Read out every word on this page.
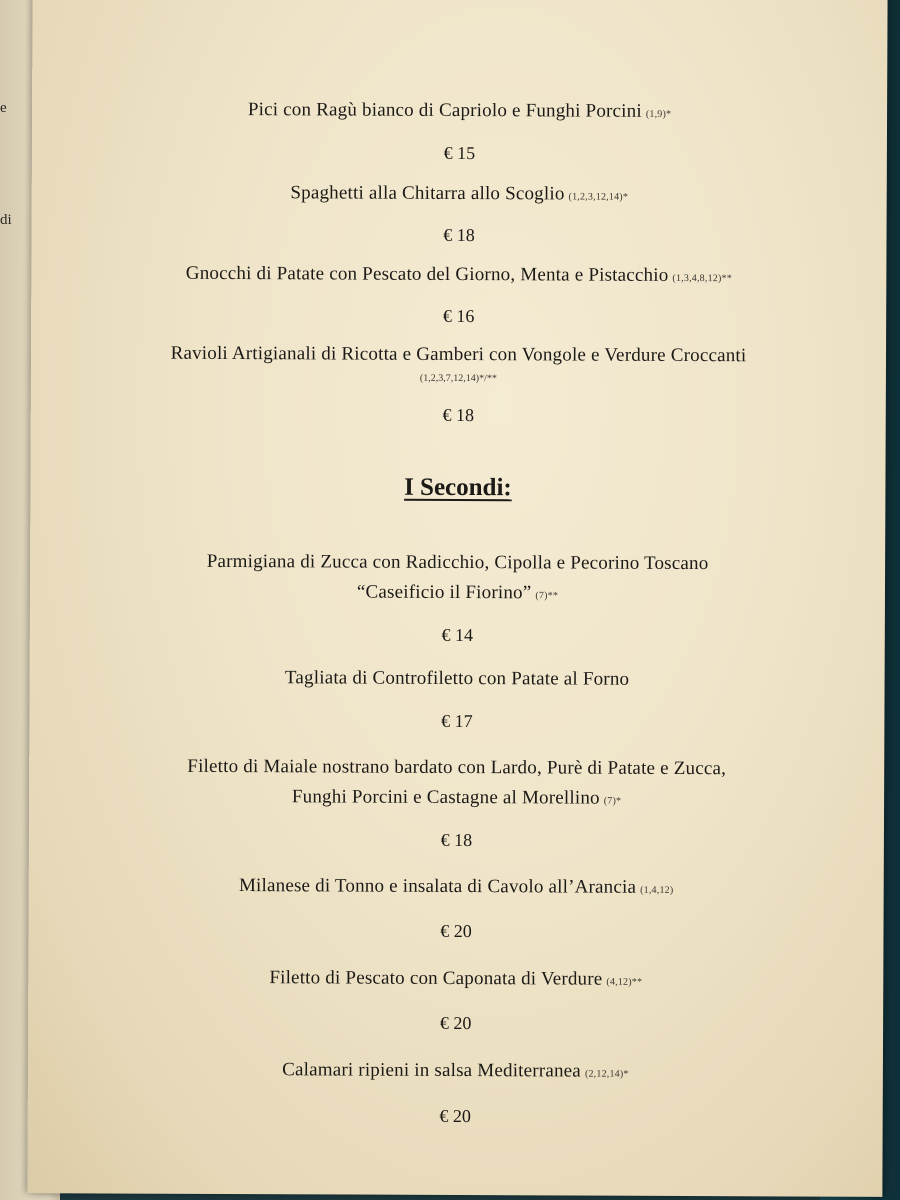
e
di
Pici con Ragù bianco di Capriolo e Funghi Porcini (1,9)*
€ 15
Spaghetti alla Chitarra allo Scoglio (1,2,3,12,14)*
€ 18
Gnocchi di Patate con Pescato del Giorno, Menta e Pistacchio (1,3,4,8,12)**
€ 16
Ravioli Artigianali di Ricotta e Gamberi con Vongole e Verdure Croccanti
(1,2,3,7,12,14)*/**
€ 18
I Secondi:
Parmigiana di Zucca con Radicchio, Cipolla e Pecorino Toscano
“Caseificio il Fiorino” (7)**
€ 14
Tagliata di Controfiletto con Patate al Forno
€ 17
Filetto di Maiale nostrano bardato con Lardo, Purè di Patate e Zucca,
Funghi Porcini e Castagne al Morellino (7)*
€ 18
Milanese di Tonno e insalata di Cavolo all’Arancia (1,4,12)
€ 20
Filetto di Pescato con Caponata di Verdure (4,12)**
€ 20
Calamari ripieni in salsa Mediterranea (2,12,14)*
€ 20
